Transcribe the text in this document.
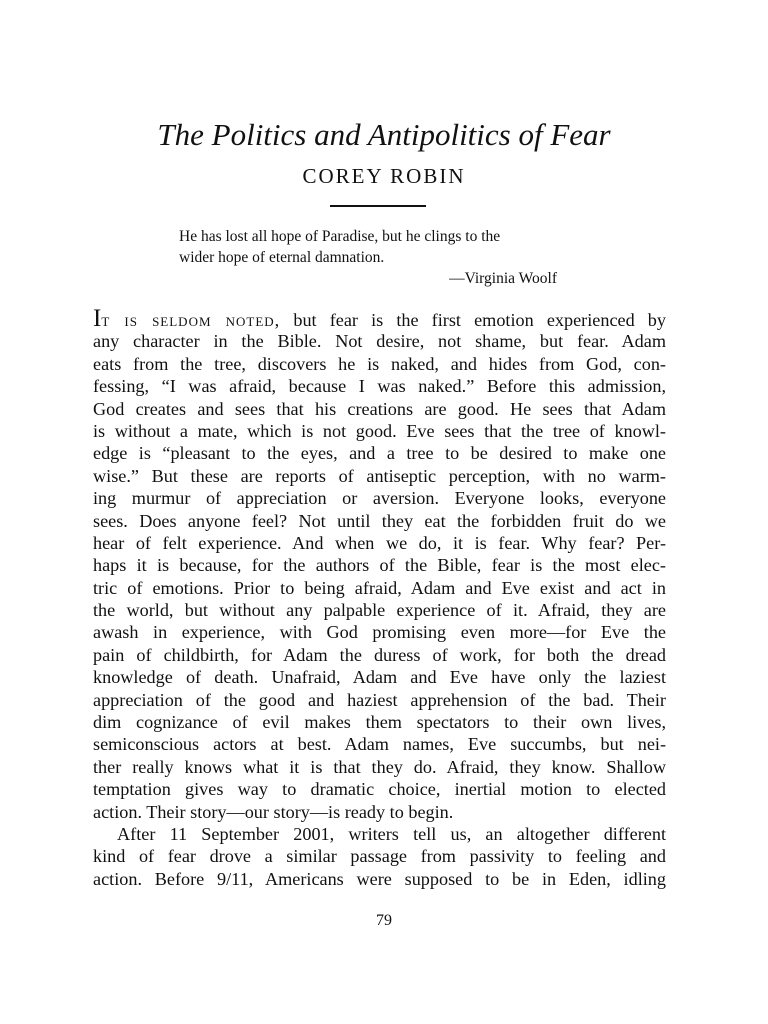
The Politics and Antipolitics of Fear
COREY ROBIN
He has lost all hope of Paradise, but he clings to the
wider hope of eternal damnation.
—Virginia Woolf
It is seldom noted, but fear is the first emotion experienced by
any character in the Bible. Not desire, not shame, but fear. Adam
eats from the tree, discovers he is naked, and hides from God, con-
fessing, “I was afraid, because I was naked.” Before this admission,
God creates and sees that his creations are good. He sees that Adam
is without a mate, which is not good. Eve sees that the tree of knowl-
edge is “pleasant to the eyes, and a tree to be desired to make one
wise.” But these are reports of antiseptic perception, with no warm-
ing murmur of appreciation or aversion. Everyone looks, everyone
sees. Does anyone feel? Not until they eat the forbidden fruit do we
hear of felt experience. And when we do, it is fear. Why fear? Per-
haps it is because, for the authors of the Bible, fear is the most elec-
tric of emotions. Prior to being afraid, Adam and Eve exist and act in
the world, but without any palpable experience of it. Afraid, they are
awash in experience, with God promising even more—for Eve the
pain of childbirth, for Adam the duress of work, for both the dread
knowledge of death. Unafraid, Adam and Eve have only the laziest
appreciation of the good and haziest apprehension of the bad. Their
dim cognizance of evil makes them spectators to their own lives,
semiconscious actors at best. Adam names, Eve succumbs, but nei-
ther really knows what it is that they do. Afraid, they know. Shallow
temptation gives way to dramatic choice, inertial motion to elected
action. Their story—our story—is ready to begin.
After 11 September 2001, writers tell us, an altogether different
kind of fear drove a similar passage from passivity to feeling and
action. Before 9/11, Americans were supposed to be in Eden, idling
79
